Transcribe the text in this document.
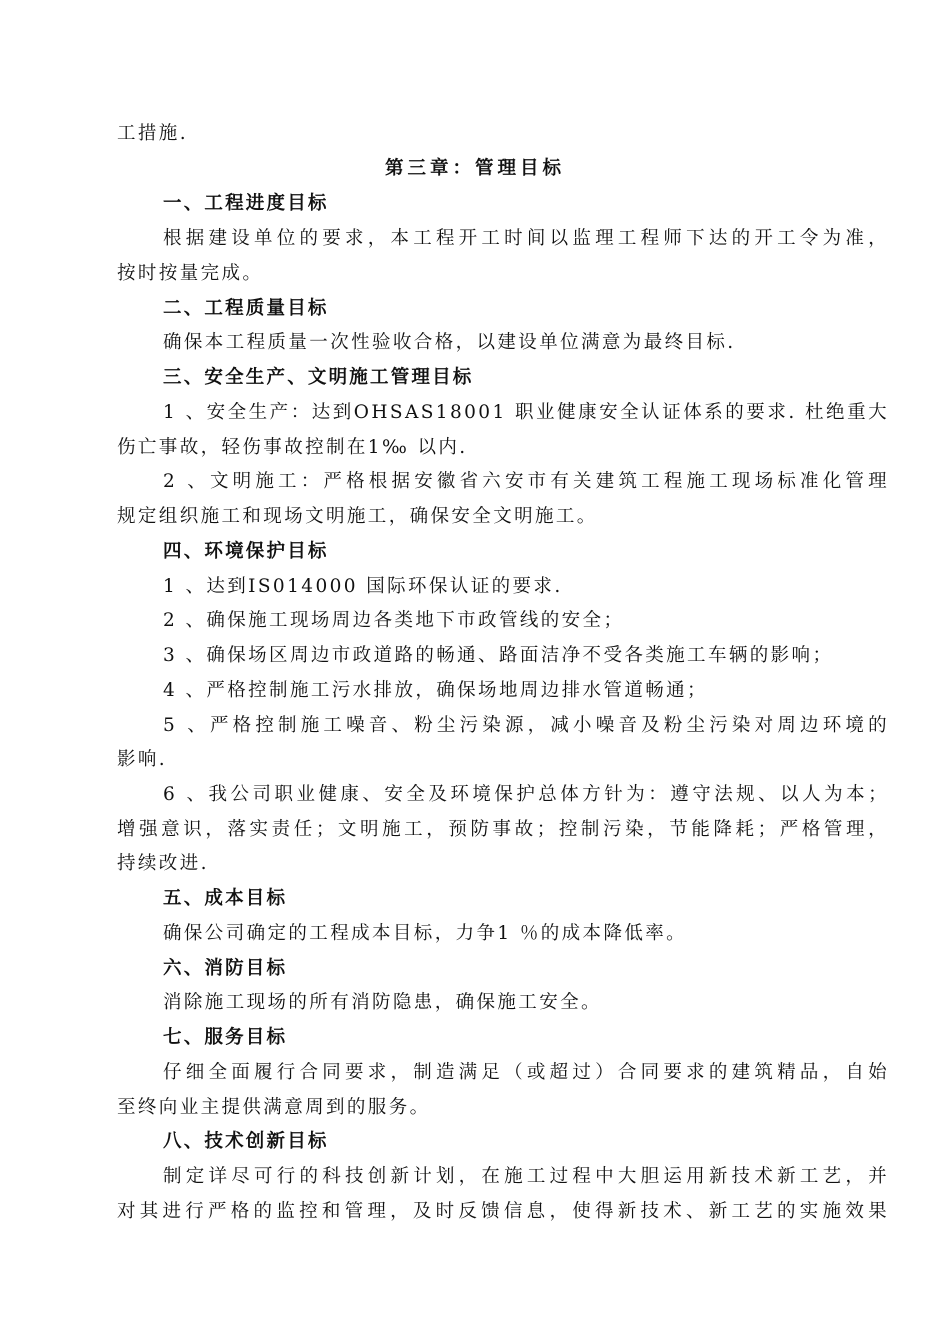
工措施.
第三章：管理目标
一、工程进度目标
根据建设单位的要求，本工程开工时间以监理工程师下达的开工令为准，
按时按量完成。
二、工程质量目标
确保本工程质量一次性验收合格，以建设单位满意为最终目标.
三、安全生产、文明施工管理目标
1 、安全生产：达到OHSAS18001 职业健康安全认证体系的要求. 杜绝重大
伤亡事故，轻伤事故控制在1‰ 以内.
2 、文明施工：严格根据安徽省六安市有关建筑工程施工现场标准化管理
规定组织施工和现场文明施工，确保安全文明施工。
四、环境保护目标
1 、达到IS014000 国际环保认证的要求.
2 、确保施工现场周边各类地下市政管线的安全；
3 、确保场区周边市政道路的畅通、路面洁净不受各类施工车辆的影响；
4 、严格控制施工污水排放，确保场地周边排水管道畅通；
5 、严格控制施工噪音、粉尘污染源，减小噪音及粉尘污染对周边环境的
影响.
6 、我公司职业健康、安全及环境保护总体方针为：遵守法规、以人为本；
增强意识，落实责任；文明施工，预防事故；控制污染，节能降耗；严格管理，
持续改进.
五、成本目标
确保公司确定的工程成本目标，力争1 ％的成本降低率。
六、消防目标
消除施工现场的所有消防隐患，确保施工安全。
七、服务目标
仔细全面履行合同要求，制造满足（或超过）合同要求的建筑精品，自始
至终向业主提供满意周到的服务。
八、技术创新目标
制定详尽可行的科技创新计划，在施工过程中大胆运用新技术新工艺，并
对其进行严格的监控和管理，及时反馈信息，使得新技术、新工艺的实施效果
